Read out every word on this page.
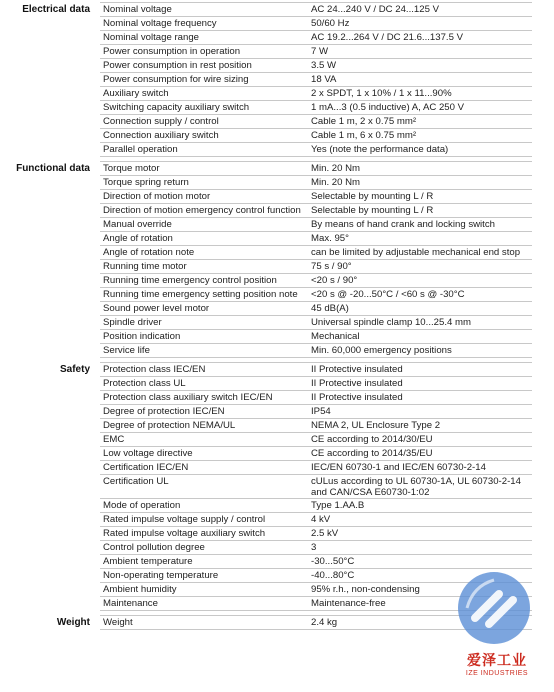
Electrical data	Nominal voltage	AC 24...240 V / DC 24...125 V
Nominal voltage frequency	50/60 Hz
Nominal voltage range	AC 19.2...264 V / DC 21.6...137.5 V
Power consumption in operation	7 W
Power consumption in rest position	3.5 W
Power consumption for wire sizing	18 VA
Auxiliary switch	2 x SPDT, 1 x 10% / 1 x 11...90%
Switching capacity auxiliary switch	1 mA...3 (0.5 inductive) A, AC 250 V
Connection supply / control	Cable 1 m, 2 x 0.75 mm²
Connection auxiliary switch	Cable 1 m, 6 x 0.75 mm²
Parallel operation	Yes (note the performance data)
Functional data	Torque motor	Min. 20 Nm
Torque spring return	Min. 20 Nm
Direction of motion motor	Selectable by mounting L / R
Direction of motion emergency control function	Selectable by mounting L / R
Manual override	By means of hand crank and locking switch
Angle of rotation	Max. 95°
Angle of rotation note	can be limited by adjustable mechanical end stop
Running time motor	75 s / 90°
Running time emergency control position	<20 s / 90°
Running time emergency setting position note	<20 s @ -20...50°C / <60 s @ -30°C
Sound power level motor	45 dB(A)
Spindle driver	Universal spindle clamp 10...25.4 mm
Position indication	Mechanical
Service life	Min. 60,000 emergency positions
Safety	Protection class IEC/EN	II Protective insulated
Protection class UL	II Protective insulated
Protection class auxiliary switch IEC/EN	II Protective insulated
Degree of protection IEC/EN	IP54
Degree of protection NEMA/UL	NEMA 2, UL Enclosure Type 2
EMC	CE according to 2014/30/EU
Low voltage directive	CE according to 2014/35/EU
Certification IEC/EN	IEC/EN 60730-1 and IEC/EN 60730-2-14
Certification UL	cULus according to UL 60730-1A, UL 60730-2-14 and CAN/CSA E60730-1:02
Mode of operation	Type 1.AA.B
Rated impulse voltage supply / control	4 kV
Rated impulse voltage auxiliary switch	2.5 kV
Control pollution degree	3
Ambient temperature	-30...50°C
Non-operating temperature	-40...80°C
Ambient humidity	95% r.h., non-condensing
Maintenance	Maintenance-free
Weight	Weight	2.4 kg
爱泽工业
IZE INDUSTRIES
